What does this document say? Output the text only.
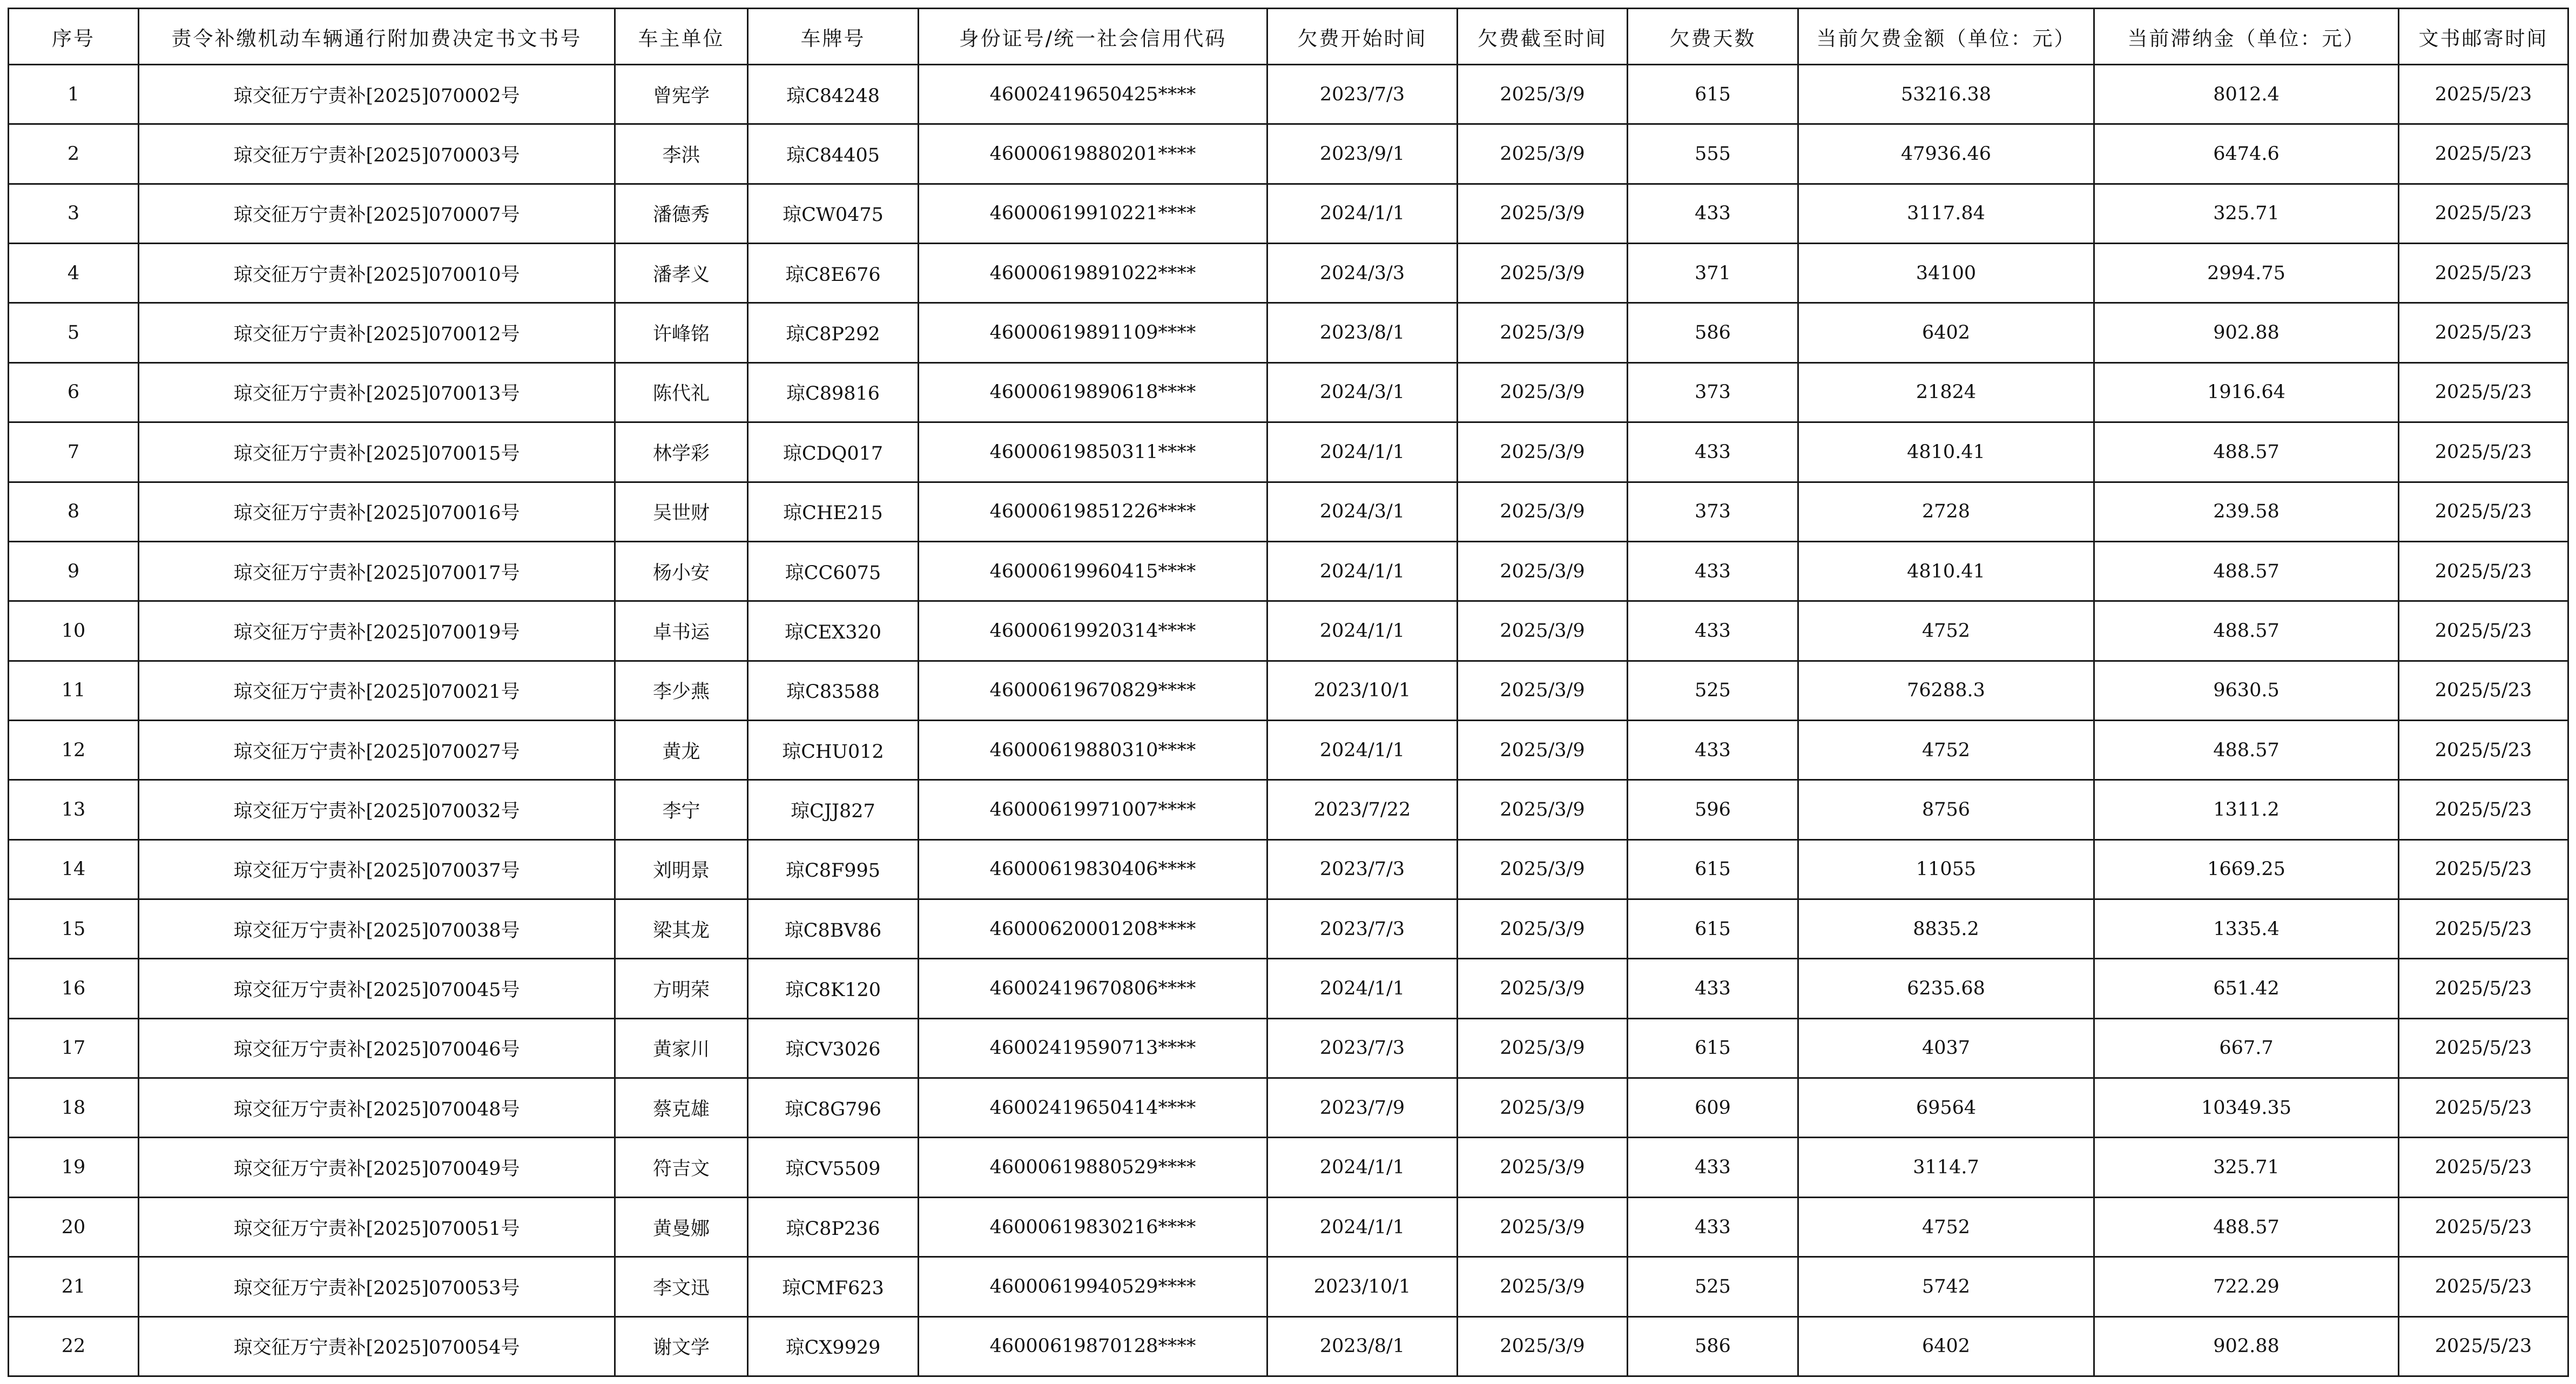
序号	责令补缴机动车辆通行附加费决定书文书号	车主单位	车牌号	身份证号/统一社会信用代码	欠费开始时间	欠费截至时间	欠费天数	当前欠费金额（单位：元）	当前滞纳金（单位：元）	文书邮寄时间
1	琼交征万宁责补[2025]070002号	曾宪学	琼C84248	46002419650425****	2023/7/3	2025/3/9	615	53216.38	8012.4	2025/5/23
2	琼交征万宁责补[2025]070003号	李洪	琼C84405	46000619880201****	2023/9/1	2025/3/9	555	47936.46	6474.6	2025/5/23
3	琼交征万宁责补[2025]070007号	潘德秀	琼CW0475	46000619910221****	2024/1/1	2025/3/9	433	3117.84	325.71	2025/5/23
4	琼交征万宁责补[2025]070010号	潘孝义	琼C8E676	46000619891022****	2024/3/3	2025/3/9	371	34100	2994.75	2025/5/23
5	琼交征万宁责补[2025]070012号	许峰铭	琼C8P292	46000619891109****	2023/8/1	2025/3/9	586	6402	902.88	2025/5/23
6	琼交征万宁责补[2025]070013号	陈代礼	琼C89816	46000619890618****	2024/3/1	2025/3/9	373	21824	1916.64	2025/5/23
7	琼交征万宁责补[2025]070015号	林学彩	琼CDQ017	46000619850311****	2024/1/1	2025/3/9	433	4810.41	488.57	2025/5/23
8	琼交征万宁责补[2025]070016号	吴世财	琼CHE215	46000619851226****	2024/3/1	2025/3/9	373	2728	239.58	2025/5/23
9	琼交征万宁责补[2025]070017号	杨小安	琼CC6075	46000619960415****	2024/1/1	2025/3/9	433	4810.41	488.57	2025/5/23
10	琼交征万宁责补[2025]070019号	卓书运	琼CEX320	46000619920314****	2024/1/1	2025/3/9	433	4752	488.57	2025/5/23
11	琼交征万宁责补[2025]070021号	李少燕	琼C83588	46000619670829****	2023/10/1	2025/3/9	525	76288.3	9630.5	2025/5/23
12	琼交征万宁责补[2025]070027号	黄龙	琼CHU012	46000619880310****	2024/1/1	2025/3/9	433	4752	488.57	2025/5/23
13	琼交征万宁责补[2025]070032号	李宁	琼CJJ827	46000619971007****	2023/7/22	2025/3/9	596	8756	1311.2	2025/5/23
14	琼交征万宁责补[2025]070037号	刘明景	琼C8F995	46000619830406****	2023/7/3	2025/3/9	615	11055	1669.25	2025/5/23
15	琼交征万宁责补[2025]070038号	梁其龙	琼C8BV86	46000620001208****	2023/7/3	2025/3/9	615	8835.2	1335.4	2025/5/23
16	琼交征万宁责补[2025]070045号	方明荣	琼C8K120	46002419670806****	2024/1/1	2025/3/9	433	6235.68	651.42	2025/5/23
17	琼交征万宁责补[2025]070046号	黄家川	琼CV3026	46002419590713****	2023/7/3	2025/3/9	615	4037	667.7	2025/5/23
18	琼交征万宁责补[2025]070048号	蔡克雄	琼C8G796	46002419650414****	2023/7/9	2025/3/9	609	69564	10349.35	2025/5/23
19	琼交征万宁责补[2025]070049号	符吉文	琼CV5509	46000619880529****	2024/1/1	2025/3/9	433	3114.7	325.71	2025/5/23
20	琼交征万宁责补[2025]070051号	黄曼娜	琼C8P236	46000619830216****	2024/1/1	2025/3/9	433	4752	488.57	2025/5/23
21	琼交征万宁责补[2025]070053号	李文迅	琼CMF623	46000619940529****	2023/10/1	2025/3/9	525	5742	722.29	2025/5/23
22	琼交征万宁责补[2025]070054号	谢文学	琼CX9929	46000619870128****	2023/8/1	2025/3/9	586	6402	902.88	2025/5/23
